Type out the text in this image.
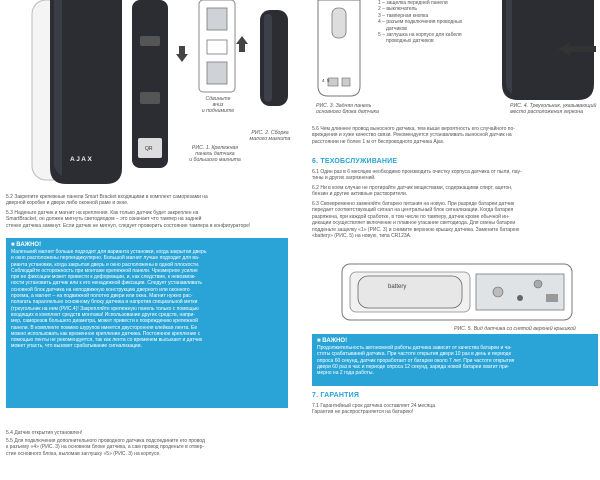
AJAX
QR
Сдвиньте
вниз
и поднимите
РИС. 2. Сборка
малого магнита
РИС. 1. Крепежная
панель датчика
и большого магнита
5.2 Закрепите крепежные панели Smart Bracket входящими в комплект саморезами на
дверной коробке и двери либо оконной раме и окне.
5.3 Наденьте датчик и магнит на крепления. Как только датчик будет закреплен на
SmartBracket, он должен мигнуть светодиодом – это означает что тампер на задней
стенке датчика замкнут. Если датчик не мигнул, следует проверить состояние тампера в конфигураторе!
■ ВАЖНО!
Маленький магнит больше подходит для варианта установки, когда закрытая дверь
и окно расположены перпендикулярно. Большой магнит лучше подходит для ва-
рианта установки, когда закрытая дверь и окно расположены в одной плоскости.
Соблюдайте осторожность при монтаже крепежной панели. Чрезмерное усилие
при ее фиксации может привести к деформации, и, как следствие, к невозмож-
ности установить датчик или к его ненадежной фиксации. Следует устанавливать
основной блок датчика на неподвижную конструкцию дверного или оконного
проема, а магнит – на подвижной полотно двери или окна. Магнит нужно рас-
полагать параллельно основному блоку датчика и напротив специальной метки
(треугольник на нем (РИС.4)! Закрепляйте крепежную панель только с помощью
входящих в комплект средств монтажа! Использование других средств, напри-
мер, саморезов большего диаметра, может привести к повреждению крепежной
панели. В комплекте помимо шурупов имеется двусторонняя клейкая лента. Ее
можно использовать как временное крепление датчика. Постоянное крепление с
помощью ленты не рекомендуется, так как лента со временем высыхает и датчик
может упасть, что вызовет срабатывание сигнализации.
5.4 Датчик открытия установлен!
5.5 Для подключения дополнительного проводного датчика подсоедините его провод
к разъему «4» (РИС. 3) на основном блоке датчика, а сам провод проденьте в отвер-
стие основного блока, выломав заглушку «5» (РИС. 3) на корпусе.
4 5
РИС. 3. Задняя панель
основного блока датчика
1 – защелка передней панели
2 – выключатель
3 – тамперная кнопка
4 – разъем подключения проводных
датчиков
5 – заглушка на корпусе для кабеля
проводных датчиков
РИС. 4. Треугольник, указывающий
место расположения геркона
5.6 Чем длиннее провод выносного датчика, тем выше вероятность его случайного по-
вреждения и хуже качество связи. Рекомендуется устанавливать выносной датчик на
расстоянии не более 1 м от беспроводного датчика Ajax.
6. ТЕХОБСЛУЖИВАНИЕ
6.1 Один раз в 6 месяцев необходимо производить очистку корпуса датчика от пыли, пау-
тины и других загрязнений.
6.2 Ни в коем случае не протирайте датчик веществами, содержащими спирт, ацетон,
бензин и другие активные растворители.
6.3 Своевременно заменяйте батарею питания на новую. При разряде батареи датчик
передает соответствующий сигнал на центральный блок сигнализации. Когда батарея
разряжена, при каждой сработке, в том числе по тамперу, датчик кроме обычной ин-
дикации осуществляет включение и плавное угасание светодиода. Для смены батареи
подденьте защелку «1» (РИС. 3) и снимите верхнюю крышку датчика. Замените батарею
«battery» (РИС. 5) на новую, типа CR123A.
battery
РИС. 5. Вид датчика со снятой верхней крышкой
■ ВАЖНО!
Продолжительность автономной работы датчика зависит от качества батареи и ча-
стоты срабатываний датчика. При частоте открытия двери 10 раз в день и периоде
опроса 60 секунд, датчик проработает от батареи около 7 лет. При частоте открытия
двери 60 раз в час и периоде опроса 12 секунд, заряда новой батареи хватит при-
мерно на 2 года работы.
7. ГАРАНТИЯ
7.1 Гарантийный срок датчика составляет 24 месяца.
Гарантия не распространяется на батарею!
